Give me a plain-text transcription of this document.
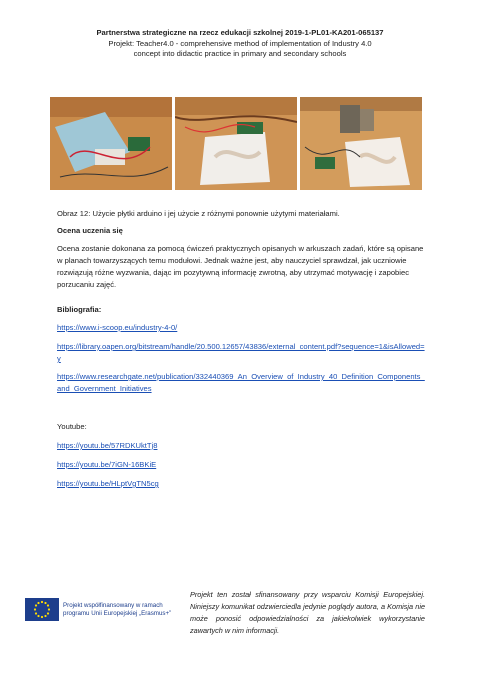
Partnerstwa strategiczne na rzecz edukacji szkolnej 2019-1-PL01-KA201-065137
Projekt: Teacher4.0 - comprehensive method of implementation of Industry 4.0
concept into didactic practice in primary and secondary schools
Obraz 12: Użycie płytki arduino i jej użycie z różnymi ponownie użytymi materiałami.
Ocena uczenia się
Ocena zostanie dokonana za pomocą ćwiczeń praktycznych opisanych w arkuszach zadań, które są opisane w planach towarzyszących temu modułowi. Jednak ważne jest, aby nauczyciel sprawdzał, jak uczniowie rozwiązują różne wyzwania, dając im pozytywną informację zwrotną, aby utrzymać motywację i zapobiec porzucaniu zajęć.
Bibliografia:
https://www.i-scoop.eu/industry-4-0/
https://library.oapen.org/bitstream/handle/20.500.12657/43836/external_content.pdf?sequence=1&isAllowed=y
https://www.researchgate.net/publication/332440369_An_Overview_of_Industry_40_Definition_Components_and_Government_Initiatives
Youtube:
https://youtu.be/57RDKUktTj8
https://youtu.be/7iGN-16BKiE
https://youtu.be/HLptVgTN5cg
Projekt współfinansowany w ramach programu Unii Europejskiej „Erasmus+”
Projekt ten został sfinansowany przy wsparciu Komisji Europejskiej. Niniejszy komunikat odzwierciedla jedynie poglądy autora, a Komisja nie może ponosić odpowiedzialności za jakiekolwiek wykorzystanie zawartych w nim informacji.
